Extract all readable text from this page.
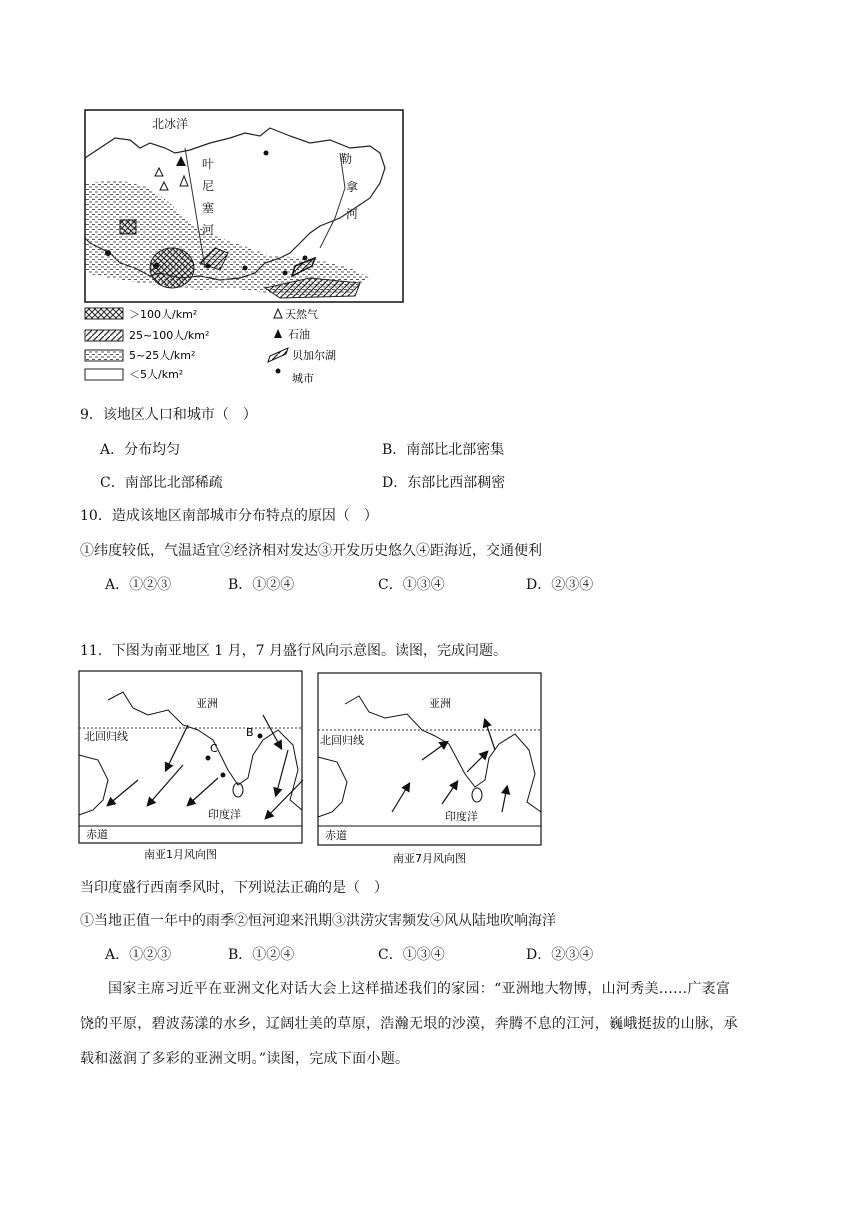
北冰洋
叶
尼
塞
河
勒
拿
河
＞100人/km²
25~100人/km²
5~25人/km²
＜5人/km²
天然气
石油
贝加尔湖
城市
9．该地区人口和城市（　）
A．分布均匀	B．南部比北部密集
C．南部比北部稀疏	D．东部比西部稠密
10．造成该地区南部城市分布特点的原因（　）
①纬度较低，气温适宜②经济相对发达③开发历史悠久④距海近，交通便利
A．①②③	B．①②④	C．①③④	D．②③④
11．下图为南亚地区 1 月，7 月盛行风向示意图。读图，完成问题。
亚洲
北回归线
印度洋
赤道
B
C
南亚1月风向图
亚洲
北回归线
印度洋
赤道
南亚7月风向图
当印度盛行西南季风时，下列说法正确的是（　）
①当地正值一年中的雨季②恒河迎来汛期③洪涝灾害频发④风从陆地吹响海洋
A．①②③	B．①②④	C．①③④	D．②③④
国家主席习近平在亚洲文化对话大会上这样描述我们的家园：“亚洲地大物博，山河秀美......广袤富
饶的平原，碧波荡漾的水乡，辽阔壮美的草原，浩瀚无垠的沙漠，奔腾不息的江河，巍峨挺拔的山脉，承
载和滋润了多彩的亚洲文明。”读图，完成下面小题。
